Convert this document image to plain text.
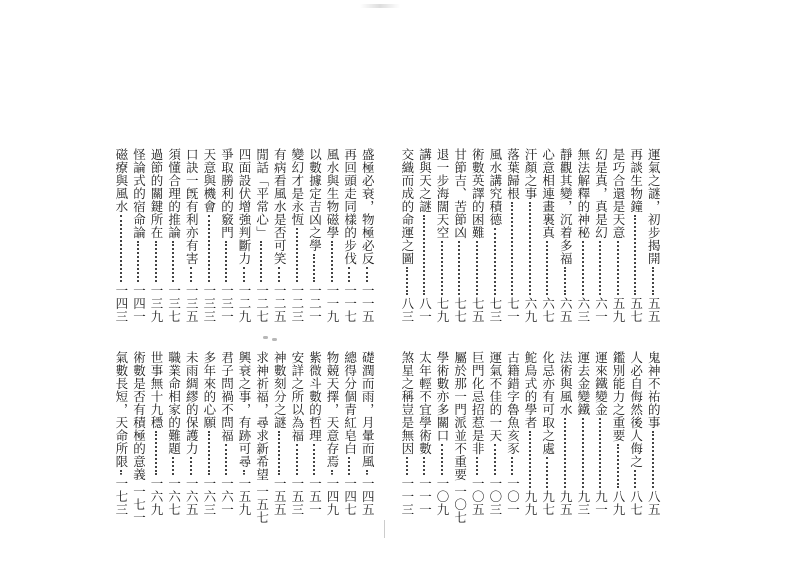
運氣之謎，初步揭開
五五
再談生物鐘
五七
是巧合還是天意
五九
幻是真，真是幻
六一
無法解釋的神秘
六三
靜觀其變，沉着多福
六五
心意相連畫裏真
六七
汗顏之事
六九
落葉歸根
七一
風水講究積德
七三
術數英譯的困難
七五
甘節吉、苦節凶
七七
退一步海闊天空
七九
講與天之謎
八一
交織而成的命運之圖
八三
盛極必衰，物極必反
一一五
再回頭走同樣的步伐
一一七
風水與生物磁學
一一九
以數據定吉凶之學
一二一
變幻才是永恆
一二三
有病看風水是否可笑
一二五
閒話「平常心」
一二七
四面設伏增強判斷力
一二九
爭取勝利的竅門
一三一
天意與機會
一三三
口訣一旣有利亦有害
一三五
須懂合理的推論
一三七
過節的關鍵所在
一三九
怪論式的宿命論
一四一
磁療與風水
一四三
鬼神不祐的事
八五
人必自侮然後人侮之
八七
鑑別能力之重要
八九
運來鐵變金
九一
運去金變鐵
九三
法術與風水
九五
化忌亦有可取之處
九七
鮀鳥式的學者
九九
古籍錯字魯魚亥豕
一〇一
運氣不佳的一天
一〇三
巨門化忌招惹是非
一〇五
屬於那一門派並不重要
一〇七
學術數亦多關口
一〇九
太年輕不宜學術數
一一一
煞星之稱豈是無因
一一三
礎潤而雨，月暈而風
一四五
總得分個青紅皂白
一四七
物競天擇，天意存焉
一四九
紫微斗數的哲理
一五一
安詳之所以為福
一五三
神數刻分之謎
一五五
求神祈福，尋求新希望
一五七
興衰之事，有跡可尋
一五九
君子問禍不問福
一六一
多年來的心願
一六三
未雨綢繆的保護力
一六五
職業命相家的難題
一六七
世事無十九穩
一六九
術數是否有積極的意義
一七一
氣數長短，天命所限
一七三
